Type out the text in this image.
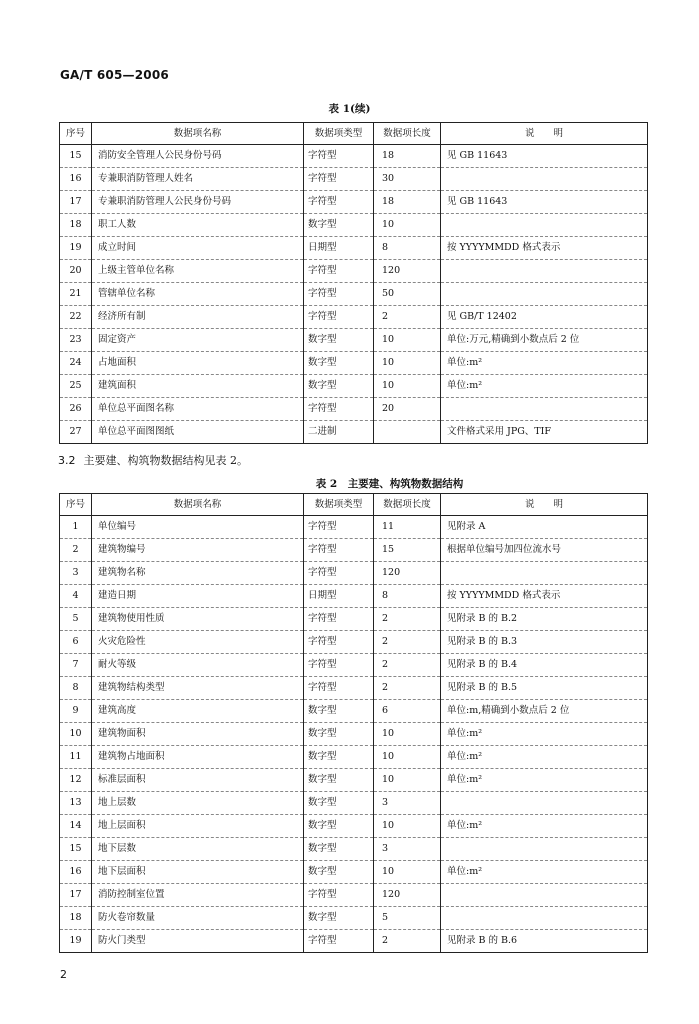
GA/T 605—2006
表 1(续)
序号	数据项名称	数据项类型	数据项长度	说　　明
15	消防安全管理人公民身份号码	字符型	18	见 GB 11643
16	专兼职消防管理人姓名	字符型	30	
17	专兼职消防管理人公民身份号码	字符型	18	见 GB 11643
18	职工人数	数字型	10	
19	成立时间	日期型	8	按 YYYYMMDD 格式表示
20	上级主管单位名称	字符型	120	
21	管辖单位名称	字符型	50	
22	经济所有制	字符型	2	见 GB/T 12402
23	固定资产	数字型	10	单位:万元,精确到小数点后 2 位
24	占地面积	数字型	10	单位:m²
25	建筑面积	数字型	10	单位:m²
26	单位总平面图名称	字符型	20	
27	单位总平面图图纸	二进制		文件格式采用 JPG、TIF
3.2 主要建、构筑物数据结构见表 2。
表 2　主要建、构筑物数据结构
序号	数据项名称	数据项类型	数据项长度	说　　明
1	单位编号	字符型	11	见附录 A
2	建筑物编号	字符型	15	根据单位编号加四位流水号
3	建筑物名称	字符型	120	
4	建造日期	日期型	8	按 YYYYMMDD 格式表示
5	建筑物使用性质	字符型	2	见附录 B 的 B.2
6	火灾危险性	字符型	2	见附录 B 的 B.3
7	耐火等级	字符型	2	见附录 B 的 B.4
8	建筑物结构类型	字符型	2	见附录 B 的 B.5
9	建筑高度	数字型	6	单位:m,精确到小数点后 2 位
10	建筑物面积	数字型	10	单位:m²
11	建筑物占地面积	数字型	10	单位:m²
12	标准层面积	数字型	10	单位:m²
13	地上层数	数字型	3	
14	地上层面积	数字型	10	单位:m²
15	地下层数	数字型	3	
16	地下层面积	数字型	10	单位:m²
17	消防控制室位置	字符型	120	
18	防火卷帘数量	数字型	5	
19	防火门类型	字符型	2	见附录 B 的 B.6
2
